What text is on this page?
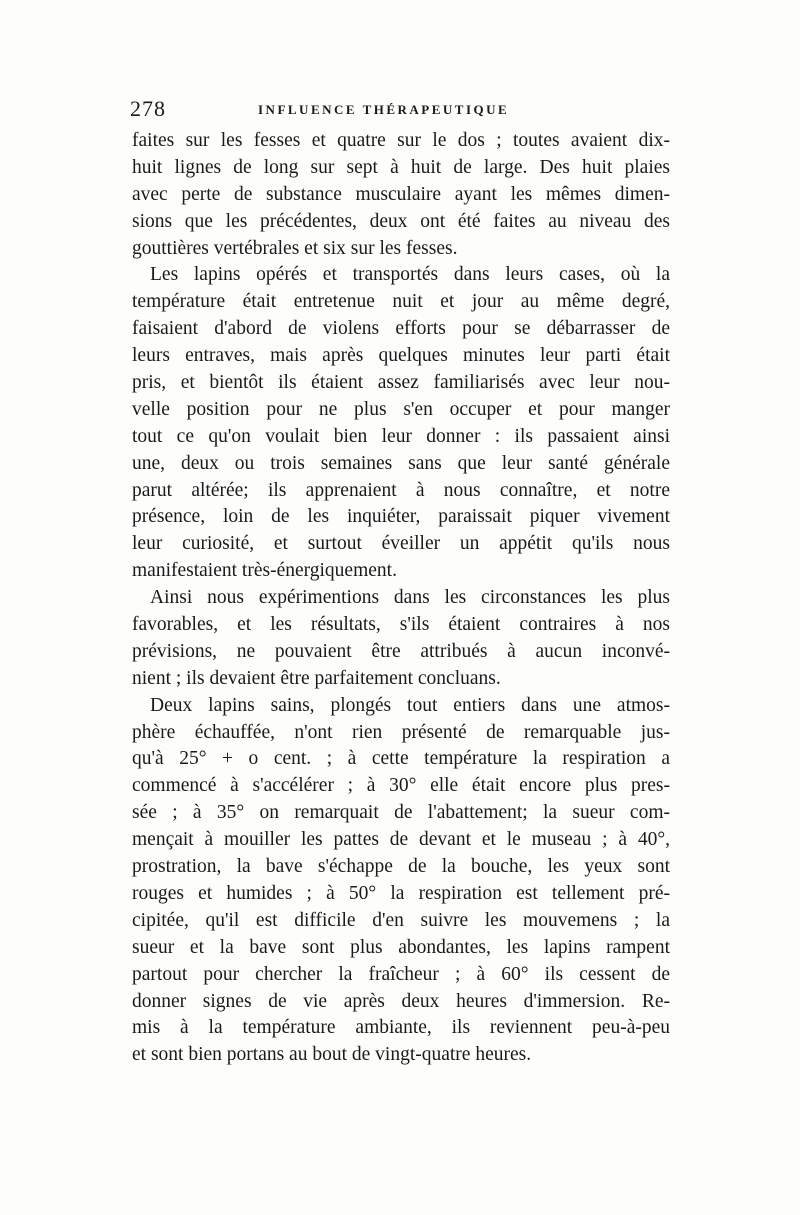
278	INFLUENCE THÉRAPEUTIQUE
faites sur les fesses et quatre sur le dos ; toutes avaient dix-
huit lignes de long sur sept à huit de large. Des huit plaies
avec perte de substance musculaire ayant les mêmes dimen-
sions que les précédentes, deux ont été faites au niveau des
gouttières vertébrales et six sur les fesses.
Les lapins opérés et transportés dans leurs cases, où la
température était entretenue nuit et jour au même degré,
faisaient d'abord de violens efforts pour se débarrasser de
leurs entraves, mais après quelques minutes leur parti était
pris, et bientôt ils étaient assez familiarisés avec leur nou-
velle position pour ne plus s'en occuper et pour manger
tout ce qu'on voulait bien leur donner : ils passaient ainsi
une, deux ou trois semaines sans que leur santé générale
parut altérée; ils apprenaient à nous connaître, et notre
présence, loin de les inquiéter, paraissait piquer vivement
leur curiosité, et surtout éveiller un appétit qu'ils nous
manifestaient très-énergiquement.
Ainsi nous expérimentions dans les circonstances les plus
favorables, et les résultats, s'ils étaient contraires à nos
prévisions, ne pouvaient être attribués à aucun inconvé-
nient ; ils devaient être parfaitement concluans.
Deux lapins sains, plongés tout entiers dans une atmos-
phère échauffée, n'ont rien présenté de remarquable jus-
qu'à 25° + o cent. ; à cette température la respiration a
commencé à s'accélérer ; à 30° elle était encore plus pres-
sée ; à 35° on remarquait de l'abattement; la sueur com-
mençait à mouiller les pattes de devant et le museau ; à 40°,
prostration, la bave s'échappe de la bouche, les yeux sont
rouges et humides ; à 50° la respiration est tellement pré-
cipitée, qu'il est difficile d'en suivre les mouvemens ; la
sueur et la bave sont plus abondantes, les lapins rampent
partout pour chercher la fraîcheur ; à 60° ils cessent de
donner signes de vie après deux heures d'immersion. Re-
mis à la température ambiante, ils reviennent peu-à-peu
et sont bien portans au bout de vingt-quatre heures.
